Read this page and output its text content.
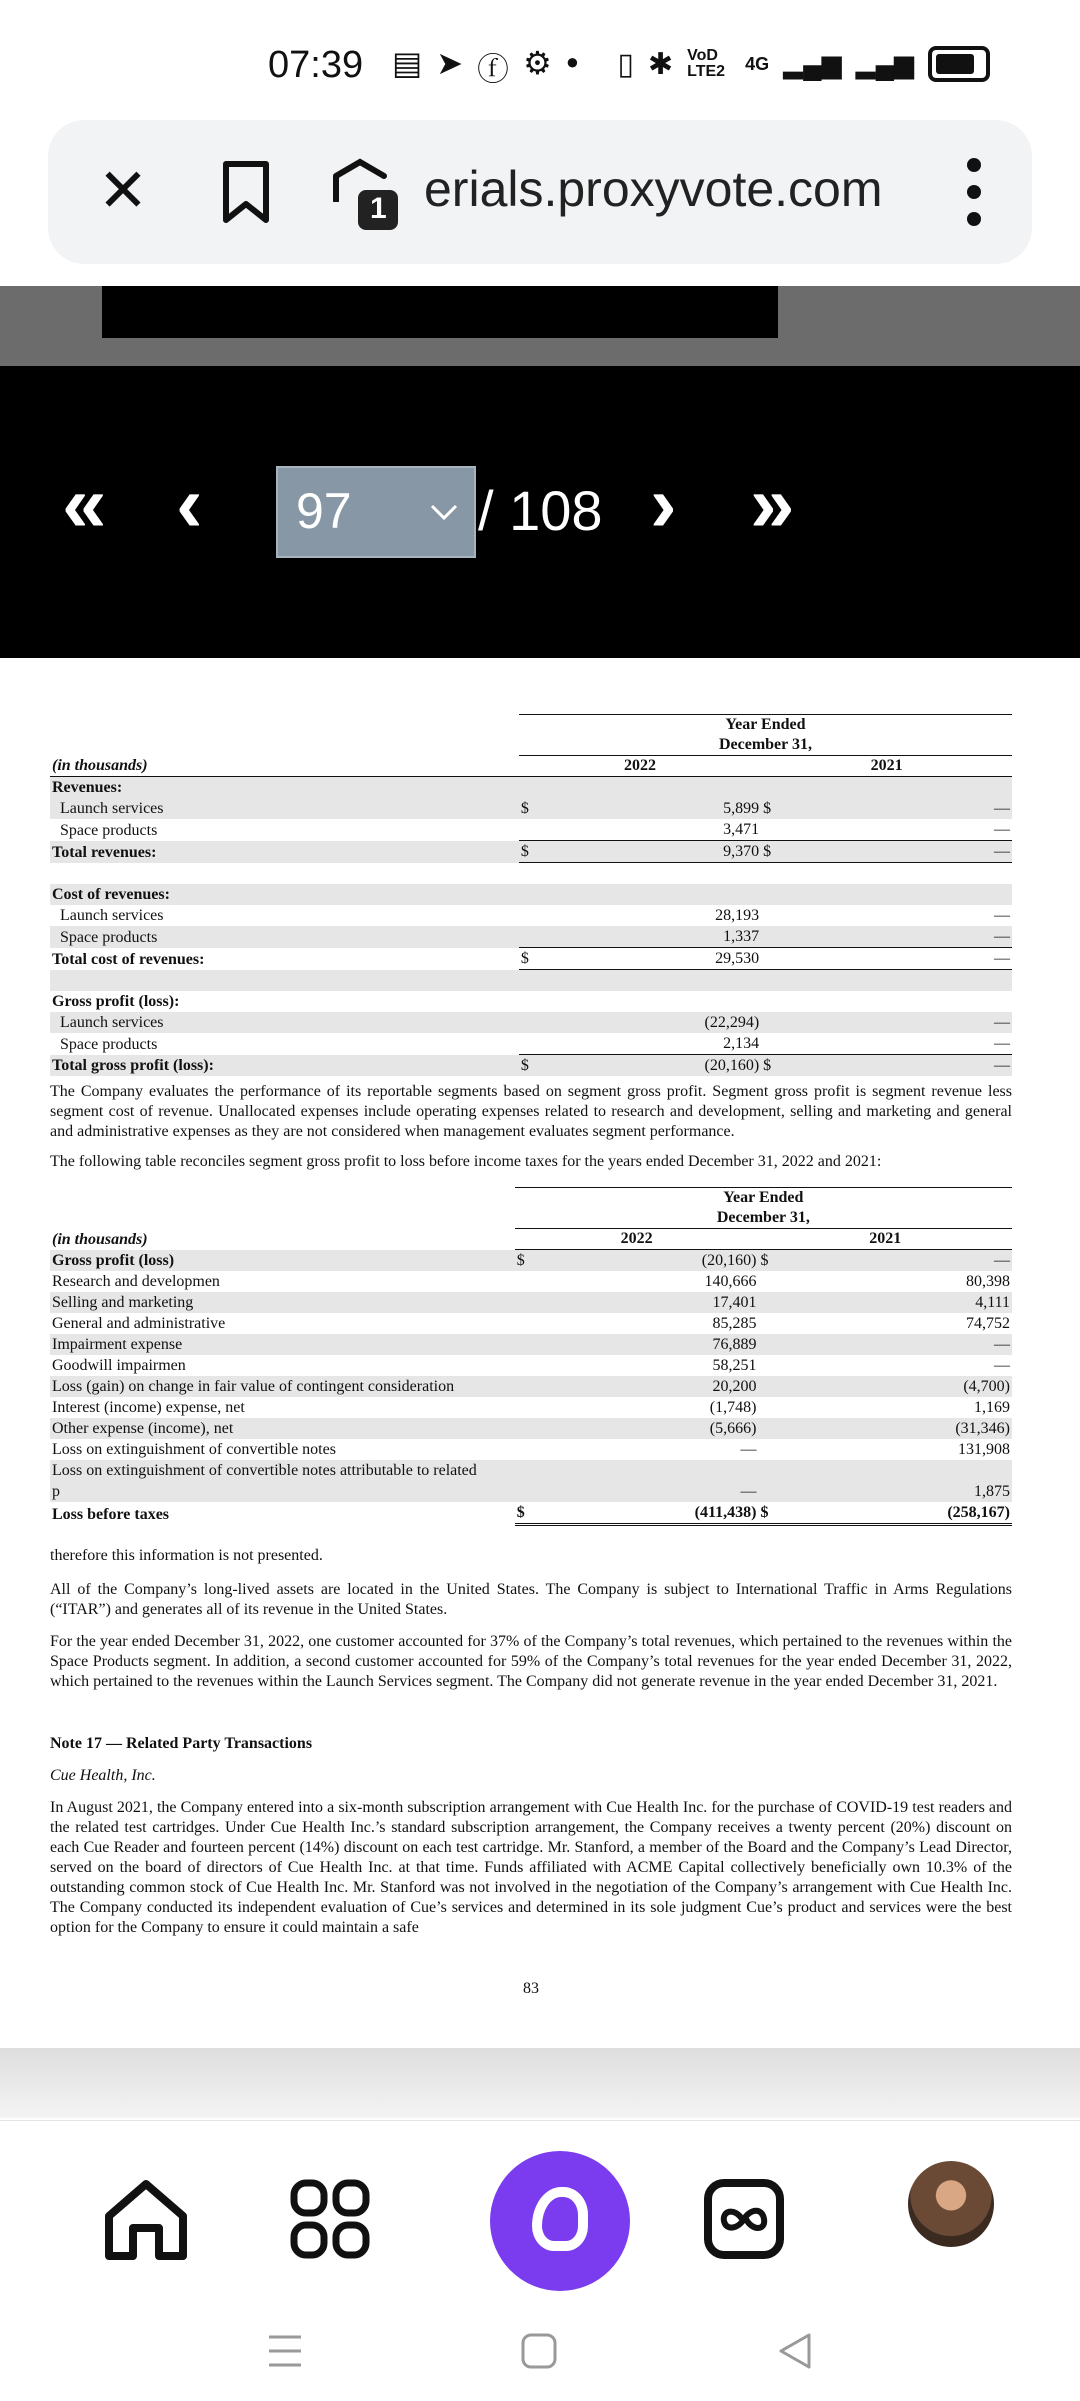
07:39 ▤ ➤ ⓕ ⚙ ● ▯ ✱ VoD LTE2	4G ▂▄▆ ▂▄▆
✕	1 erials.proxyvote.com
« ‹ 97 / 108 › »
	Year Ended			
	December 31,			
(in thousands)	2022		2021	
Revenues:				
Launch services	$	5,899	$	—
Space products		3,471		—
Total revenues:	$	9,370	$	—

Cost of revenues:				
Launch services		28,193		—
Space products		1,337		—
Total cost of revenues:	$	29,530		—

Gross profit (loss):				
Launch services		(22,294)		—
Space products		2,134		—
Total gross profit (loss):	$	(20,160)	$	—
The Company evaluates the performance of its reportable segments based on segment gross profit. Segment gross profit is segment revenue less segment cost of revenue. Unallocated expenses include operating expenses related to research and development, selling and marketing and general and administrative expenses as they are not considered when management evaluates segment performance.
The following table reconciles segment gross profit to loss before income taxes for the years ended December 31, 2022 and 2021:
	Year Ended			
	December 31,			
(in thousands)	2022		2021	
Gross profit (loss)	$	(20,160)	$	—
Research and developmen		140,666		80,398
Selling and marketing		17,401		4,111
General and administrative		85,285		74,752
Impairment expense		76,889		—
Goodwill impairmen		58,251		—
Loss (gain) on change in fair value of contingent consideration		20,200		(4,700)
Interest (income) expense, net		(1,748)		1,169
Other expense (income), net		(5,666)		(31,346)
Loss on extinguishment of convertible notes		—		131,908
Loss on extinguishment of convertible notes attributable to related				
p		—		1,875
Loss before taxes	$	(411,438)	$	(258,167)
therefore this information is not presented.
All of the Company’s long-lived assets are located in the United States. The Company is subject to International Traffic in Arms Regulations (“ITAR”) and generates all of its revenue in the United States.
For the year ended December 31, 2022, one customer accounted for 37% of the Company’s total revenues, which pertained to the revenues within the Space Products segment. In addition, a second customer accounted for 59% of the Company’s total revenues for the year ended December 31, 2022, which pertained to the revenues within the Launch Services segment. The Company did not generate revenue in the year ended December 31, 2021.
Note 17 — Related Party Transactions
Cue Health, Inc.
In August 2021, the Company entered into a six-month subscription arrangement with Cue Health Inc. for the purchase of COVID-19 test readers and the related test cartridges. Under Cue Health Inc.’s standard subscription arrangement, the Company receives a twenty percent (20%) discount on each Cue Reader and fourteen percent (14%) discount on each test cartridge. Mr. Stanford, a member of the Board and the Company’s Lead Director, served on the board of directors of Cue Health Inc. at that time. Funds affiliated with ACME Capital collectively beneficially own 10.3% of the outstanding common stock of Cue Health Inc. Mr. Stanford was not involved in the negotiation of the Company’s arrangement with Cue Health Inc. The Company conducted its independent evaluation of Cue’s services and determined in its sole judgment Cue’s product and services were the best option for the Company to ensure it could maintain a safe
83
